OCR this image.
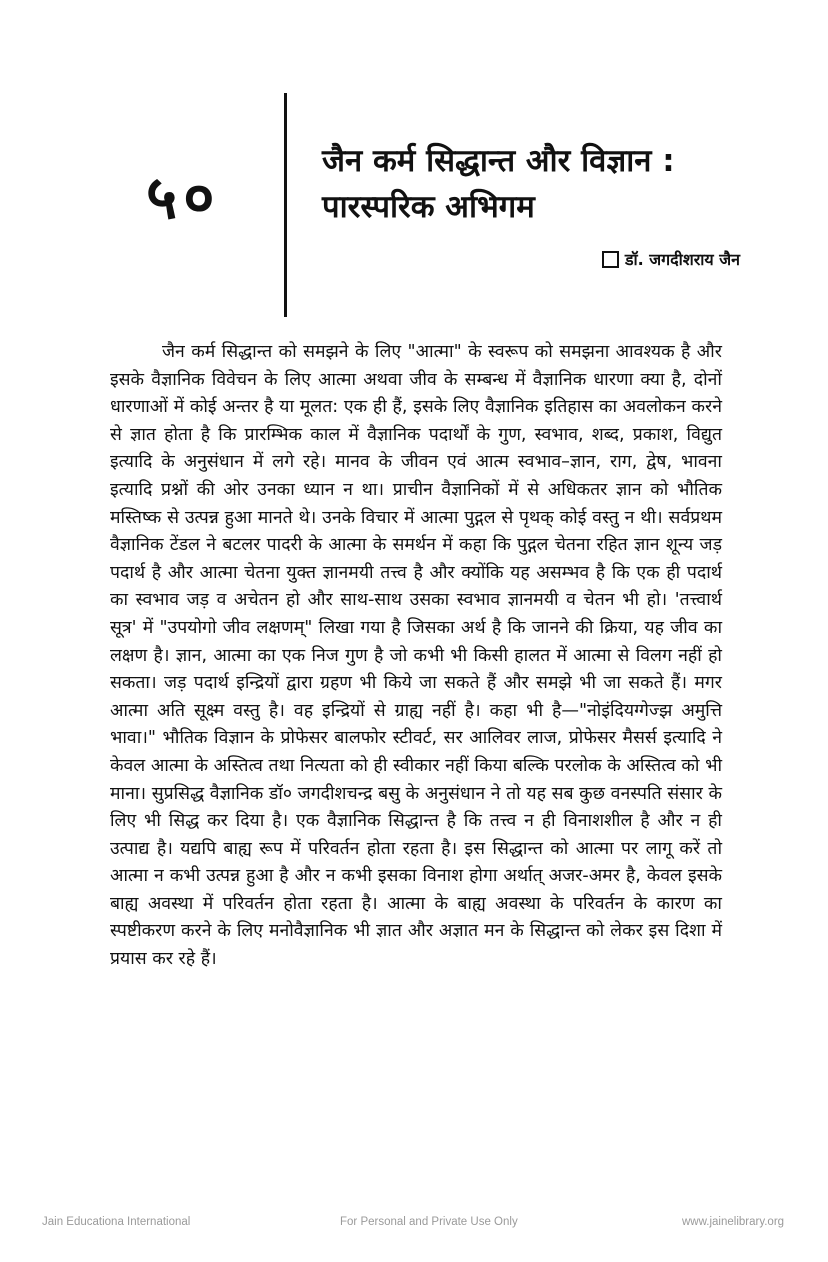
५०
जैन कर्म सिद्धान्त और विज्ञान :
पारस्परिक अभिगम
डॉ. जगदीशराय जैन

जैन कर्म सिद्धान्त को समझने के लिए "आत्मा" के स्वरूप को समझना आवश्यक है और इसके वैज्ञानिक विवेचन के लिए आत्मा अथवा जीव के सम्बन्ध में वैज्ञानिक धारणा क्या है, दोनों धारणाओं में कोई अन्तर है या मूलत: एक ही हैं, इसके लिए वैज्ञानिक इतिहास का अवलोकन करने से ज्ञात होता है कि प्रारम्भिक काल में वैज्ञानिक पदार्थों के गुण, स्वभाव, शब्द, प्रकाश, विद्युत इत्यादि के अनुसंधान में लगे रहे। मानव के जीवन एवं आत्म स्वभाव–ज्ञान, राग, द्वेष, भावना इत्यादि प्रश्नों की ओर उनका ध्यान न था। प्राचीन वैज्ञानिकों में से अधिकतर ज्ञान को भौतिक मस्तिष्क से उत्पन्न हुआ मानते थे। उनके विचार में आत्मा पुद्गल से पृथक् कोई वस्तु न थी। सर्वप्रथम वैज्ञानिक टेंडल ने बटलर पादरी के आत्मा के समर्थन में कहा कि पुद्गल चेतना रहित ज्ञान शून्य जड़ पदार्थ है और आत्मा चेतना युक्त ज्ञानमयी तत्त्व है और क्योंकि यह असम्भव है कि एक ही पदार्थ का स्वभाव जड़ व अचेतन हो और साथ-साथ उसका स्वभाव ज्ञानमयी व चेतन भी हो। 'तत्त्वार्थ सूत्र' में "उपयोगो जीव लक्षणम्" लिखा गया है जिसका अर्थ है कि जानने की क्रिया, यह जीव का लक्षण है। ज्ञान, आत्मा का एक निज गुण है जो कभी भी किसी हालत में आत्मा से विलग नहीं हो सकता। जड़ पदार्थ इन्द्रियों द्वारा ग्रहण भी किये जा सकते हैं और समझे भी जा सकते हैं। मगर आत्मा अति सूक्ष्म वस्तु है। वह इन्द्रियों से ग्राह्य नहीं है। कहा भी है—"नोइंदियग्गेज्झ अमुत्ति भावा।" भौतिक विज्ञान के प्रोफेसर बालफोर स्टीवर्ट, सर आलिवर लाज, प्रोफेसर मैसर्स इत्यादि ने केवल आत्मा के अस्तित्व तथा नित्यता को ही स्वीकार नहीं किया बल्कि परलोक के अस्तित्व को भी माना। सुप्रसिद्ध वैज्ञानिक डॉ० जगदीशचन्द्र बसु के अनुसंधान ने तो यह सब कुछ वनस्पति संसार के लिए भी सिद्ध कर दिया है। एक वैज्ञानिक सिद्धान्त है कि तत्त्व न ही विनाशशील है और न ही उत्पाद्य है। यद्यपि बाह्य रूप में परिवर्तन होता रहता है। इस सिद्धान्त को आत्मा पर लागू करें तो आत्मा न कभी उत्पन्न हुआ है और न कभी इसका विनाश होगा अर्थात् अजर-अमर है, केवल इसके बाह्य अवस्था में परिवर्तन होता रहता है। आत्मा के बाह्य अवस्था के परिवर्तन के कारण का स्पष्टीकरण करने के लिए मनोवैज्ञानिक भी ज्ञात और अज्ञात मन के सिद्धान्त को लेकर इस दिशा में प्रयास कर रहे हैं।

Jain Educationa International	For Personal and Private Use Only	www.jainelibrary.org
